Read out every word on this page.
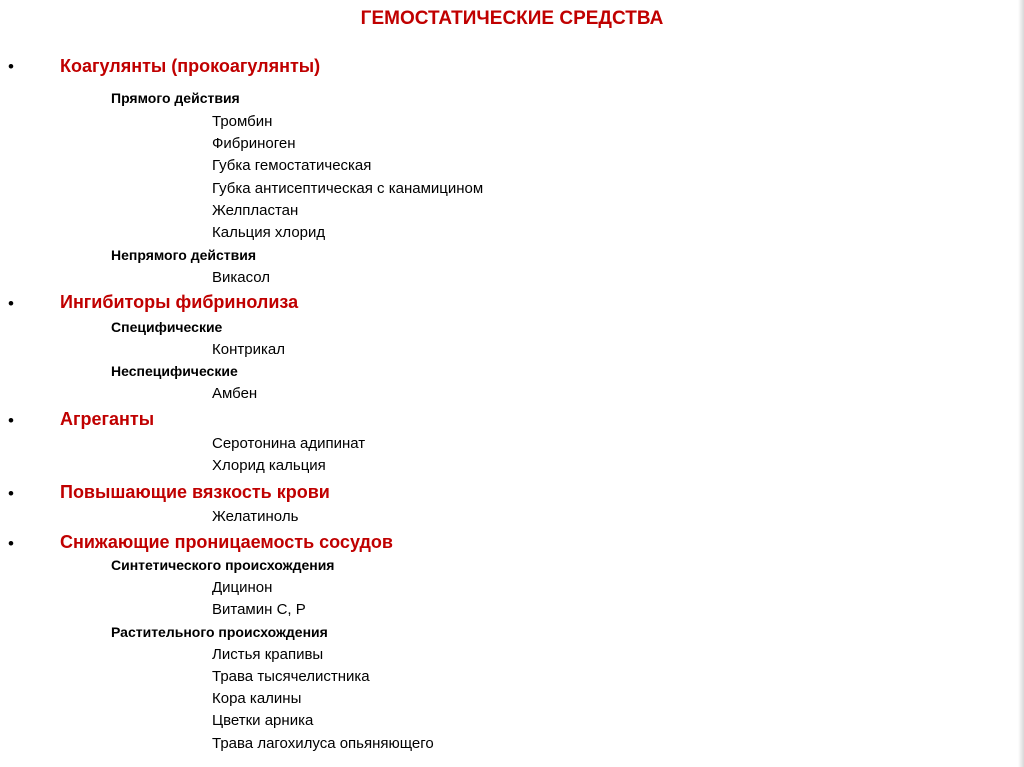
ГЕМОСТАТИЧЕСКИЕ СРЕДСТВА
•	Коагулянты (прокоагулянты)
Прямого действия
Тромбин
Фибриноген
Губка гемостатическая
Губка антисептическая с канамицином
Желпластан
Кальция хлорид
Непрямого действия
Викасол
•	Ингибиторы фибринолиза
Специфические
Контрикал
Неспецифические
Амбен
•	Агреганты
Серотонина адипинат
Хлорид кальция
•	Повышающие вязкость крови
Желатиноль
•	Снижающие проницаемость сосудов
Синтетического происхождения
Дицинон
Витамин С, Р
Растительного происхождения
Листья крапивы
Трава тысячелистника
Кора калины
Цветки арника
Трава лагохилуса опьяняющего
